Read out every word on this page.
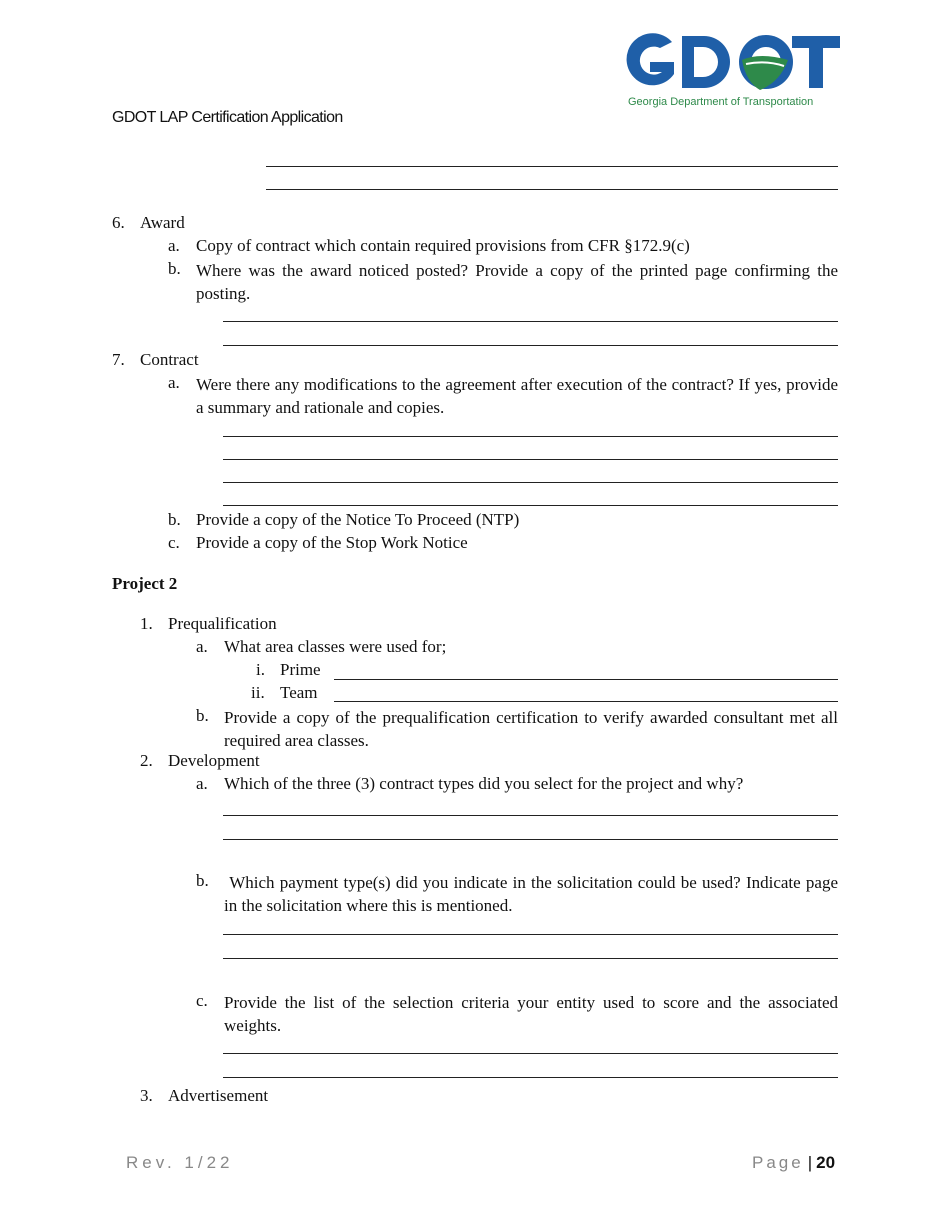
Georgia Department of Transportation
GDOT LAP Certification Application
6. Award
a. Copy of contract which contain required provisions from CFR §172.9(c)
b. Where was the award noticed posted? Provide a copy of the printed page confirming the posting.
7. Contract
a. Were there any modifications to the agreement after execution of the contract? If yes, provide a summary and rationale and copies.
b. Provide a copy of the Notice To Proceed (NTP)
c. Provide a copy of the Stop Work Notice
Project 2
1. Prequalification
a. What area classes were used for;
i. Prime
ii. Team
b. Provide a copy of the prequalification certification to verify awarded consultant met all required area classes.
2. Development
a. Which of the three (3) contract types did you select for the project and why?
b. Which payment type(s) did you indicate in the solicitation could be used? Indicate page in the solicitation where this is mentioned.
c. Provide the list of the selection criteria your entity used to score and the associated weights.
3. Advertisement
Rev. 1/22	Page | 20
